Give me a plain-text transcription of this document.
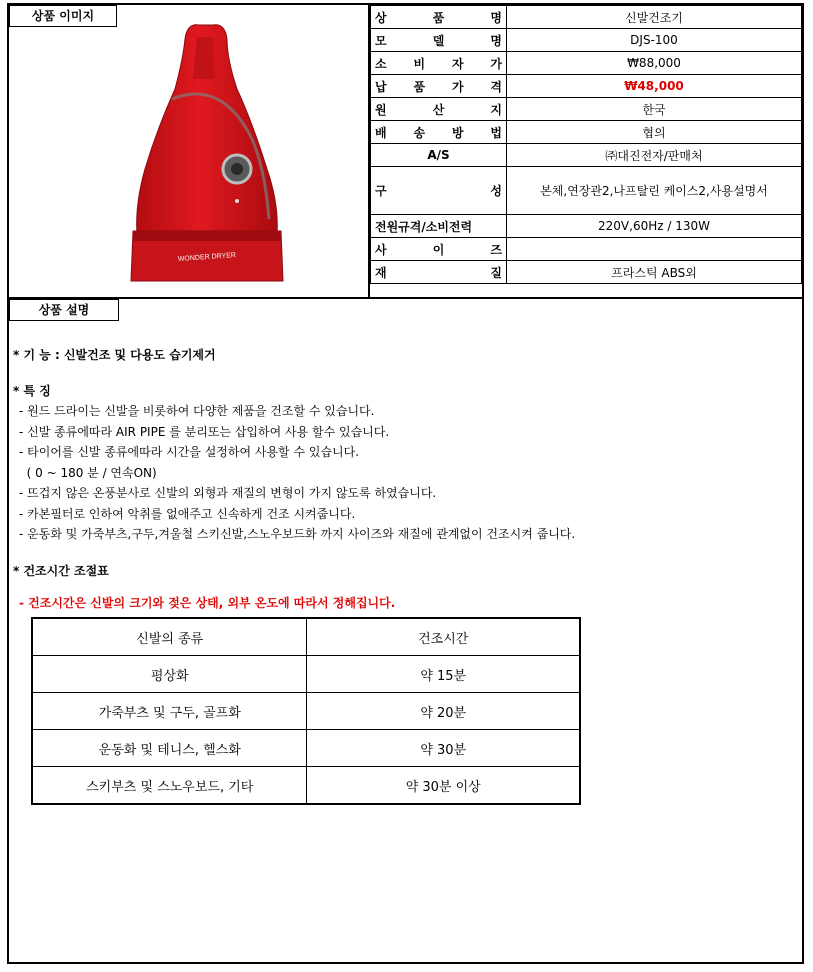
상품 이미지
WONDER DRYER
상 품 명	신발건조기

모 델 명	DJS-100

소 비 자 가	₩88,000

납 품 가 격	₩48,000

원 산 지	한국

배 송 방 법	협의
A/S	㈜대진전자/판매처

구 성	본체,연장관2,나프탈린 케이스2,사용설명서
전원규격/소비전력	220V,60Hz / 130W

사 이 즈	

재 질	프라스틱 ABS외
상품 설명

* 기 능 : 신발건조 및 다용도 습기제거

* 특 징

- 원드 드라이는 신발을 비롯하여 다양한 제품을 건조할 수 있습니다.

- 신발 종류에따라 AIR PIPE 를 분리또는 삽입하여 사용 할수 있습니다.

- 타이어를 신발 종류에따라 시간을 설정하여 사용할 수 있습니다.

( 0 ~ 180 분 / 연속ON)

- 뜨겁지 않은 온풍분사로 신발의 외형과 재질의 변형이 가지 않도록 하였습니다.

- 카본필터로 인하여 악취를 없애주고 신속하게 건조 시켜줍니다.

- 운동화 및 가죽부츠,구두,겨울철 스키신발,스노우보드화 까지 사이즈와 재질에 관계없이 건조시켜 줍니다.

* 건조시간 조절표

- 건조시간은 신발의 크기와 젖은 상태, 외부 온도에 따라서 정해집니다.
신발의 종류	건조시간
평상화	약 15분
가죽부츠 및 구두, 골프화	약 20분
운동화 및 테니스, 헬스화	약 30분
스키부츠 및 스노우보드, 기타	약 30분 이상
